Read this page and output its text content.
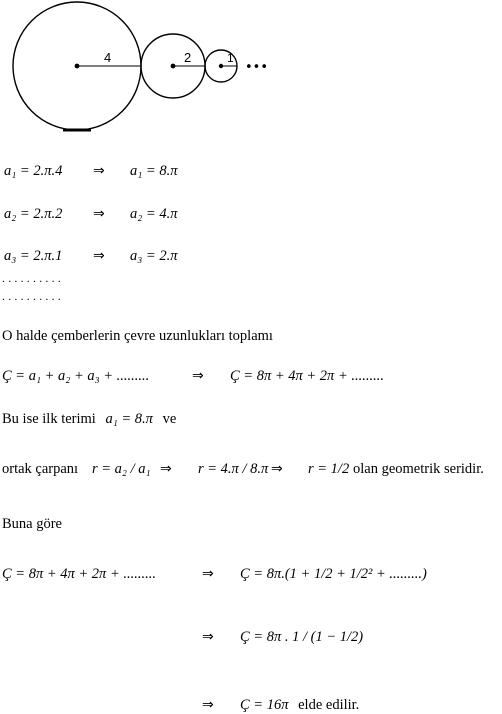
4	2	1
•••
a₁ = 2.π.4 ⇒ a₁ = 8.π
a₂ = 2.π.2 ⇒ a₂ = 4.π
a₃ = 2.π.1 ⇒ a₃ = 2.π
..........
..........
O halde çemberlerin çevre uzunlukları toplamı
Ç = a₁ + a₂ + a₃ + .........	⇒ Ç = 8π + 4π + 2π + .........
Bu ise ilk terimi a₁ = 8.π ve
ortak çarpanı r = a₂ / a₁ ⇒ r = 4.π / 8.π ⇒ r = 1/2 olan geometrik seridir.
Buna göre
Ç = 8π + 4π + 2π + .........	⇒ Ç = 8π.(1 + 1/2 + 1/2² + .........)
⇒ Ç = 8π . 1 / (1 − 1/2)
⇒ Ç = 16π elde edilir.
